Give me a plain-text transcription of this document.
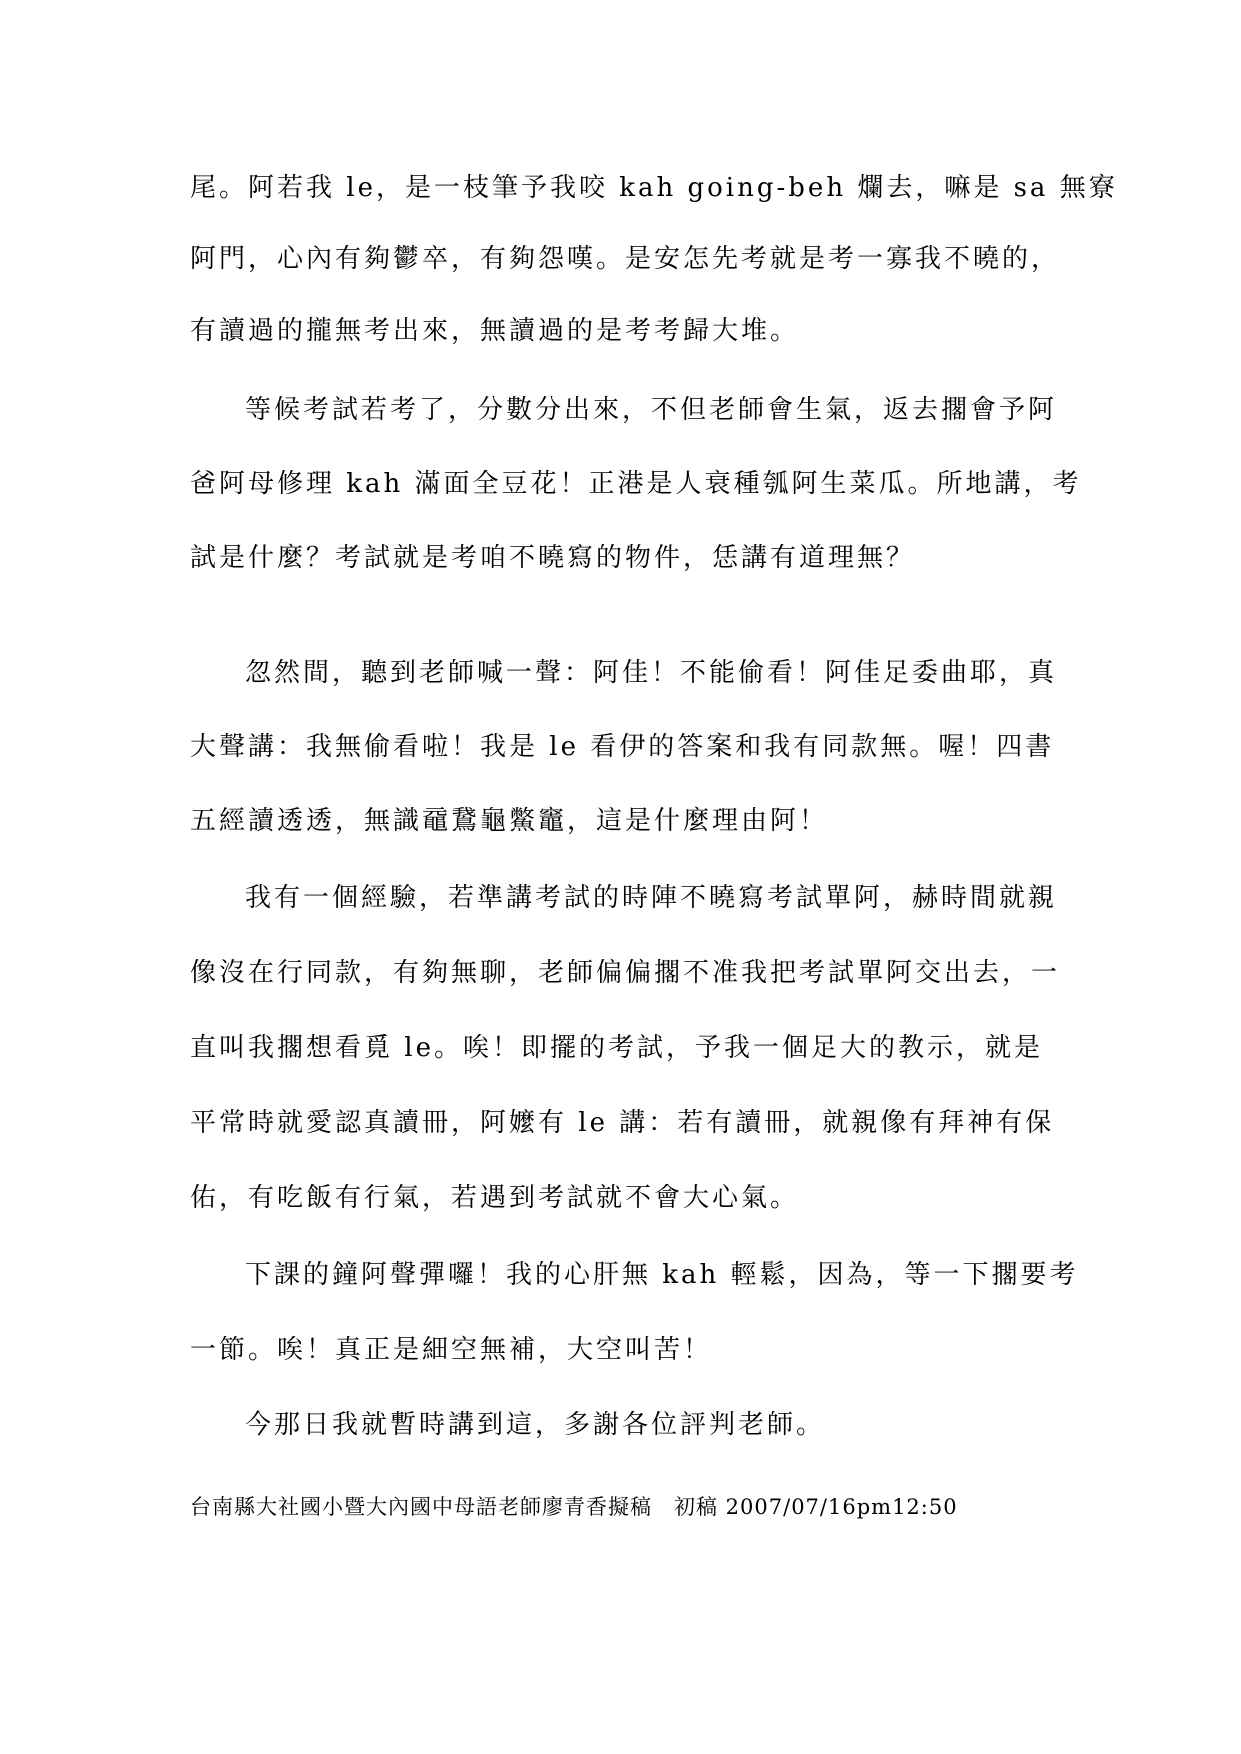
尾。阿若我 le，是一枝筆予我咬 kah going-beh 爛去，嘛是 sa 無寮

阿門，心內有夠鬱卒，有夠怨嘆。是安怎先考就是考一寡我不曉的，

有讀過的攏無考出來，無讀過的是考考歸大堆。

等候考試若考了，分數分出來，不但老師會生氣，返去擱會予阿

爸阿母修理 kah 滿面全豆花！正港是人衰種瓠阿生菜瓜。所地講，考

試是什麼？考試就是考咱不曉寫的物件，恁講有道理無？

忽然間，聽到老師喊一聲：阿佳！不能偷看！阿佳足委曲耶，真

大聲講：我無偷看啦！我是 le 看伊的答案和我有同款無。喔！四書

五經讀透透，無識黿鵞龜鱉竈，這是什麼理由阿！

我有一個經驗，若準講考試的時陣不曉寫考試單阿，赫時間就親

像沒在行同款，有夠無聊，老師偏偏擱不准我把考試單阿交出去，一

直叫我擱想看覓 le。唉！即擺的考試，予我一個足大的教示，就是

平常時就愛認真讀冊，阿嬤有 le 講：若有讀冊，就親像有拜神有保

佑，有吃飯有行氣，若遇到考試就不會大心氣。

下課的鐘阿聲彈囉！我的心肝無 kah 輕鬆，因為，等一下擱要考

一節。唉！真正是細空無補，大空叫苦！

今那日我就暫時講到這，多謝各位評判老師。

台南縣大社國小暨大內國中母語老師廖青香擬稿　初稿 2007/07/16pm12:50
